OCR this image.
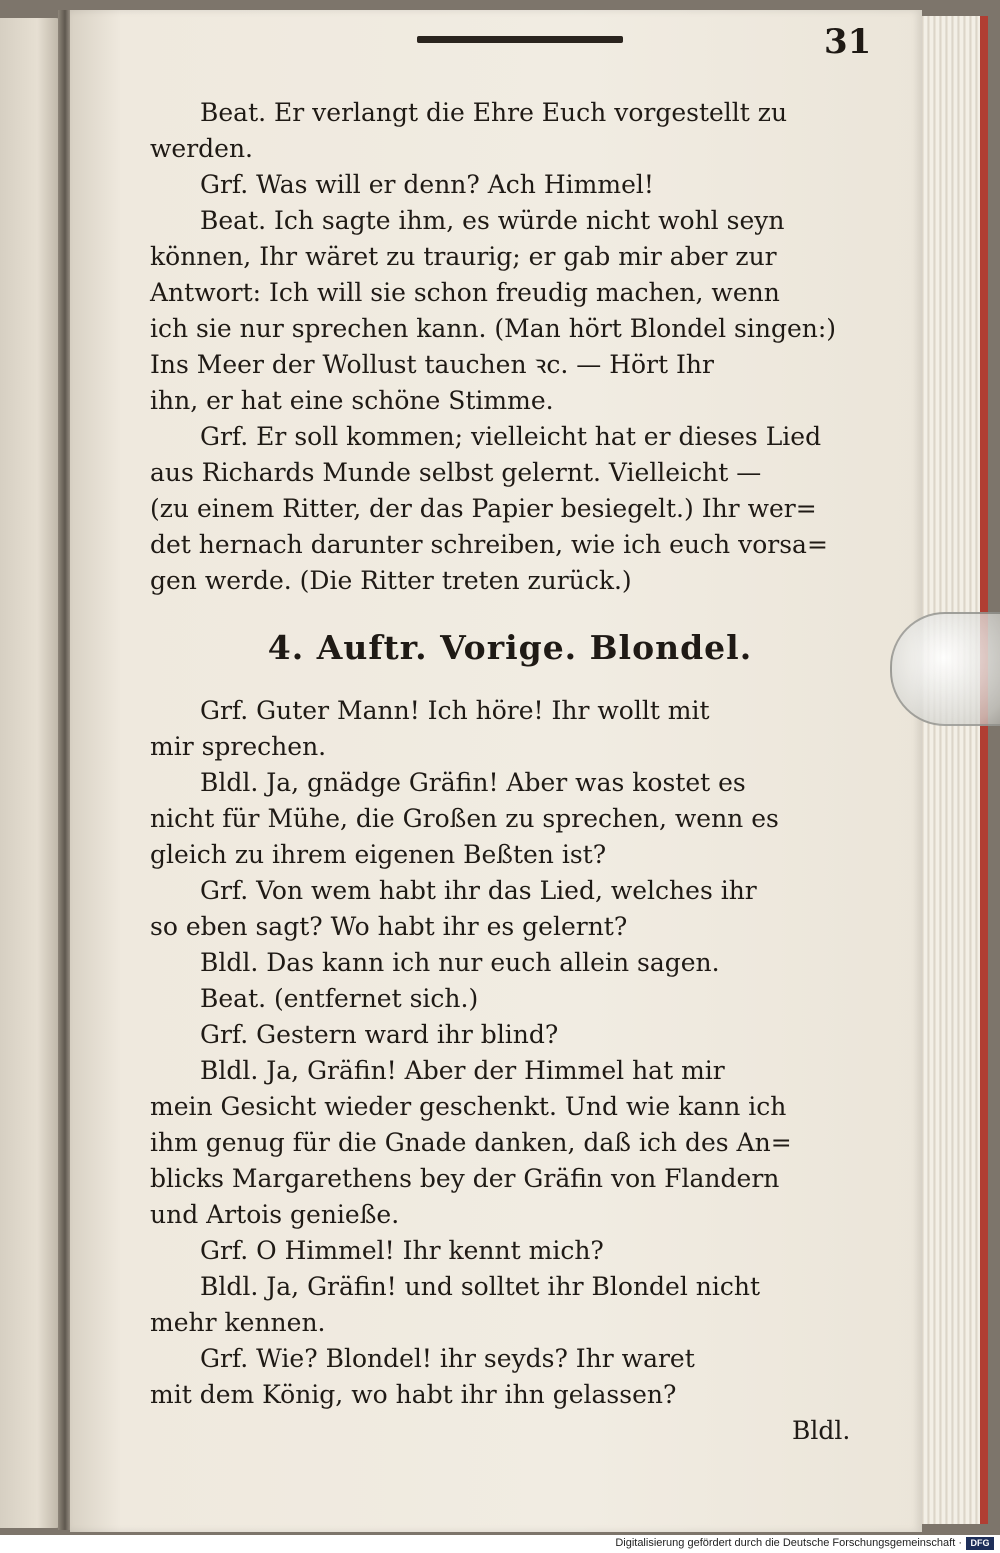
31

Beat. Er verlangt die Ehre Euch vorgestellt zu

werden.

Grf. Was will er denn? Ach Himmel!

Beat. Ich sagte ihm, es würde nicht wohl seyn

können, Ihr wäret zu traurig; er gab mir aber zur

Antwort: Ich will sie schon freudig machen, wenn

ich sie nur sprechen kann. (Man hört Blondel singen:)

Ins Meer der Wollust tauchen ꝛc. — Hört Ihr

ihn, er hat eine schöne Stimme.

Grf. Er soll kommen; vielleicht hat er dieses Lied

aus Richards Munde selbst gelernt. Vielleicht —

(zu einem Ritter, der das Papier besiegelt.) Ihr wer=

det hernach darunter schreiben, wie ich euch vorsa=

gen werde. (Die Ritter treten zurück.)

4. Auftr. Vorige. Blondel.

Grf. Guter Mann! Ich höre! Ihr wollt mit

mir sprechen.

Bldl. Ja, gnädge Gräfin! Aber was kostet es

nicht für Mühe, die Großen zu sprechen, wenn es

gleich zu ihrem eigenen Beßten ist?

Grf. Von wem habt ihr das Lied, welches ihr

so eben sagt? Wo habt ihr es gelernt?

Bldl. Das kann ich nur euch allein sagen.

Beat. (entfernet sich.)

Grf. Gestern ward ihr blind?

Bldl. Ja, Gräfin! Aber der Himmel hat mir

mein Gesicht wieder geschenkt. Und wie kann ich

ihm genug für die Gnade danken, daß ich des An=

blicks Margarethens bey der Gräfin von Flandern

und Artois genieße.

Grf. O Himmel! Ihr kennt mich?

Bldl. Ja, Gräfin! und solltet ihr Blondel nicht

mehr kennen.

Grf. Wie? Blondel! ihr seyds? Ihr waret

mit dem König, wo habt ihr ihn gelassen?

Bldl.

Digitalisierung gefördert durch die Deutsche Forschungsgemeinschaft · DFG
